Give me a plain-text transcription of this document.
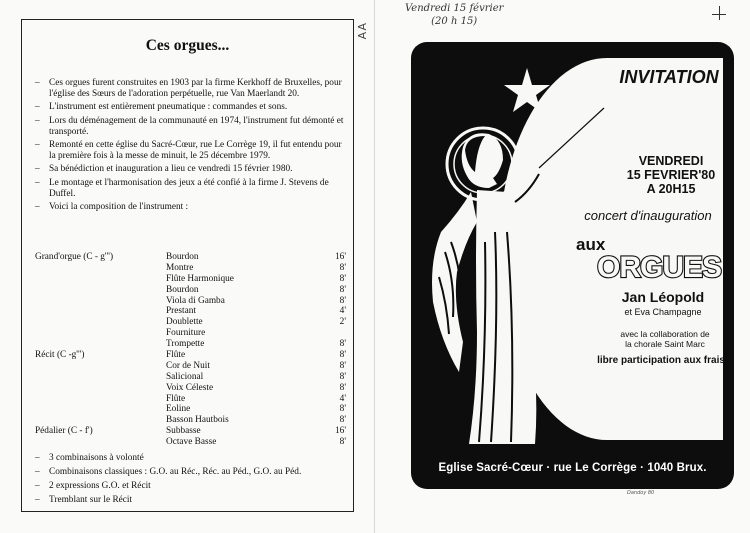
Ces orgues...
– Ces orgues furent construites en 1903 par la firme Kerkhoff de Bruxelles, pour l'église des Sœurs de l'adoration perpétuelle, rue Van Maerlandt 20.
– L'instrument est entièrement pneumatique : commandes et sons.
– Lors du déménagement de la communauté en 1974, l'instrument fut démonté et transporté.
– Remonté en cette église du Sacré-Cœur, rue Le Corrège 19, il fut entendu pour la première fois à la messe de minuit, le 25 décembre 1979.
– Sa bénédiction et inauguration a lieu ce vendredi 15 février 1980.
– Le montage et l'harmonisation des jeux a été confié à la firme J. Stevens de Duffel.
– Voici la composition de l'instrument :
Grand'orgue (C - g''')	Bourdon	16'
Montre	8'
Flûte Harmonique	8'
Bourdon	8'
Viola di Gamba	8'
Prestant	4'
Doublette	2'
Fourniture
Trompette	8'
Récit (C -g''')	Flûte	8'
Cor de Nuit	8'
Salicional	8'
Voix Céleste	8'
Flûte	4'
Eoline	8'
Basson Hautbois	8'
Pédalier (C - f')	Subbasse	16'
Octave Basse	8'
– 3 combinaisons à volonté
– Combinaisons classiques : G.O. au Réc., Réc. au Péd., G.O. au Péd.
– 2 expressions G.O. et Récit
– Tremblant sur le Récit
AA
Vendredi 15 février
(20 h 15)
ORGUES
INVITATION
VENDREDI
15 FEVRIER'80
A 20H15
concert d'inauguration
aux
Jan Léopold
et Eva Champagne
avec la collaboration de
la chorale Saint Marc
libre participation aux frais
Eglise Sacré-Cœur · rue Le Corrège · 1040 Brux.
Dandoy 80
